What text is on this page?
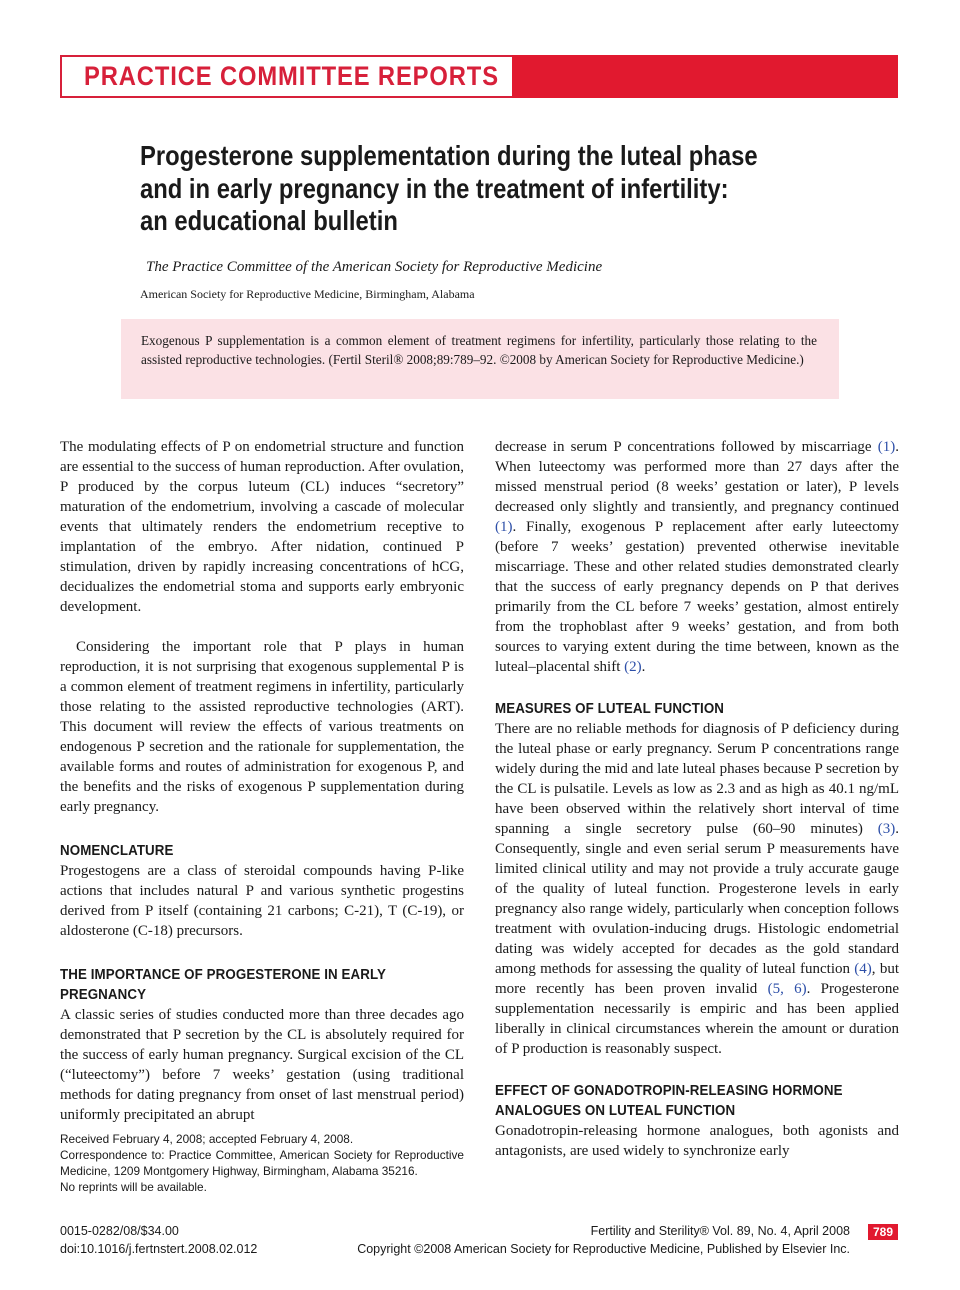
PRACTICE COMMITTEE REPORTS
Progesterone supplementation during the luteal phase
and in early pregnancy in the treatment of infertility:
an educational bulletin
The Practice Committee of the American Society for Reproductive Medicine
American Society for Reproductive Medicine, Birmingham, Alabama

Exogenous P supplementation is a common element of treatment regimens for infertility, particularly those relating to the assisted reproductive technologies. (Fertil Steril® 2008;89:789–92. ©2008 by American Society for Reproductive Medicine.)

The modulating effects of P on endometrial structure and function are essential to the success of human reproduction. After ovulation, P produced by the corpus luteum (CL) induces “secretory” maturation of the endometrium, involving a cascade of molecular events that ultimately renders the endometrium receptive to implantation of the embryo. After nidation, continued P stimulation, driven by rapidly increasing concentrations of hCG, decidualizes the endometrial stoma and supports early embryonic development.

Considering the important role that P plays in human reproduction, it is not surprising that exogenous supplemental P is a common element of treatment regimens in infertility, particularly those relating to the assisted reproductive technologies (ART). This document will review the effects of various treatments on endogenous P secretion and the rationale for supplementation, the available forms and routes of administration for exogenous P, and the benefits and the risks of exogenous P supplementation during early pregnancy.

NOMENCLATURE

Progestogens are a class of steroidal compounds having P-like actions that includes natural P and various synthetic progestins derived from P itself (containing 21 carbons; C-21), T (C-19), or aldosterone (C-18) precursors.

THE IMPORTANCE OF PROGESTERONE IN EARLY
PREGNANCY

A classic series of studies conducted more than three decades ago demonstrated that P secretion by the CL is absolutely required for the success of early human pregnancy. Surgical excision of the CL (“luteectomy”) before 7 weeks’ gestation (using traditional methods for dating pregnancy from onset of last menstrual period) uniformly precipitated an abrupt

Received February 4, 2008; accepted February 4, 2008.

Correspondence to: Practice Committee, American Society for Reproductive Medicine, 1209 Montgomery Highway, Birmingham, Alabama 35216.

No reprints will be available.

decrease in serum P concentrations followed by miscarriage (1). When luteectomy was performed more than 27 days after the missed menstrual period (8 weeks’ gestation or later), P levels decreased only slightly and transiently, and pregnancy continued (1). Finally, exogenous P replacement after early luteectomy (before 7 weeks’ gestation) prevented otherwise inevitable miscarriage. These and other related studies demonstrated clearly that the success of early pregnancy depends on P that derives primarily from the CL before 7 weeks’ gestation, almost entirely from the trophoblast after 9 weeks’ gestation, and from both sources to varying extent during the time between, known as the luteal–placental shift (2).

MEASURES OF LUTEAL FUNCTION

There are no reliable methods for diagnosis of P deficiency during the luteal phase or early pregnancy. Serum P concentrations range widely during the mid and late luteal phases because P secretion by the CL is pulsatile. Levels as low as 2.3 and as high as 40.1 ng/mL have been observed within the relatively short interval of time spanning a single secretory pulse (60–90 minutes) (3). Consequently, single and even serial serum P measurements have limited clinical utility and may not provide a truly accurate gauge of the quality of luteal function. Progesterone levels in early pregnancy also range widely, particularly when conception follows treatment with ovulation-inducing drugs. Histologic endometrial dating was widely accepted for decades as the gold standard among methods for assessing the quality of luteal function (4), but more recently has been proven invalid (5, 6). Progesterone supplementation necessarily is empiric and has been applied liberally in clinical circumstances wherein the amount or duration of P production is reasonably suspect.

EFFECT OF GONADOTROPIN-RELEASING HORMONE
ANALOGUES ON LUTEAL FUNCTION

Gonadotropin-releasing hormone analogues, both agonists and antagonists, are used widely to synchronize early

0015-0282/08/$34.00
doi:10.1016/j.fertnstert.2008.02.012
Fertility and Sterility® Vol. 89, No. 4, April 2008
Copyright ©2008 American Society for Reproductive Medicine, Published by Elsevier Inc.
789
